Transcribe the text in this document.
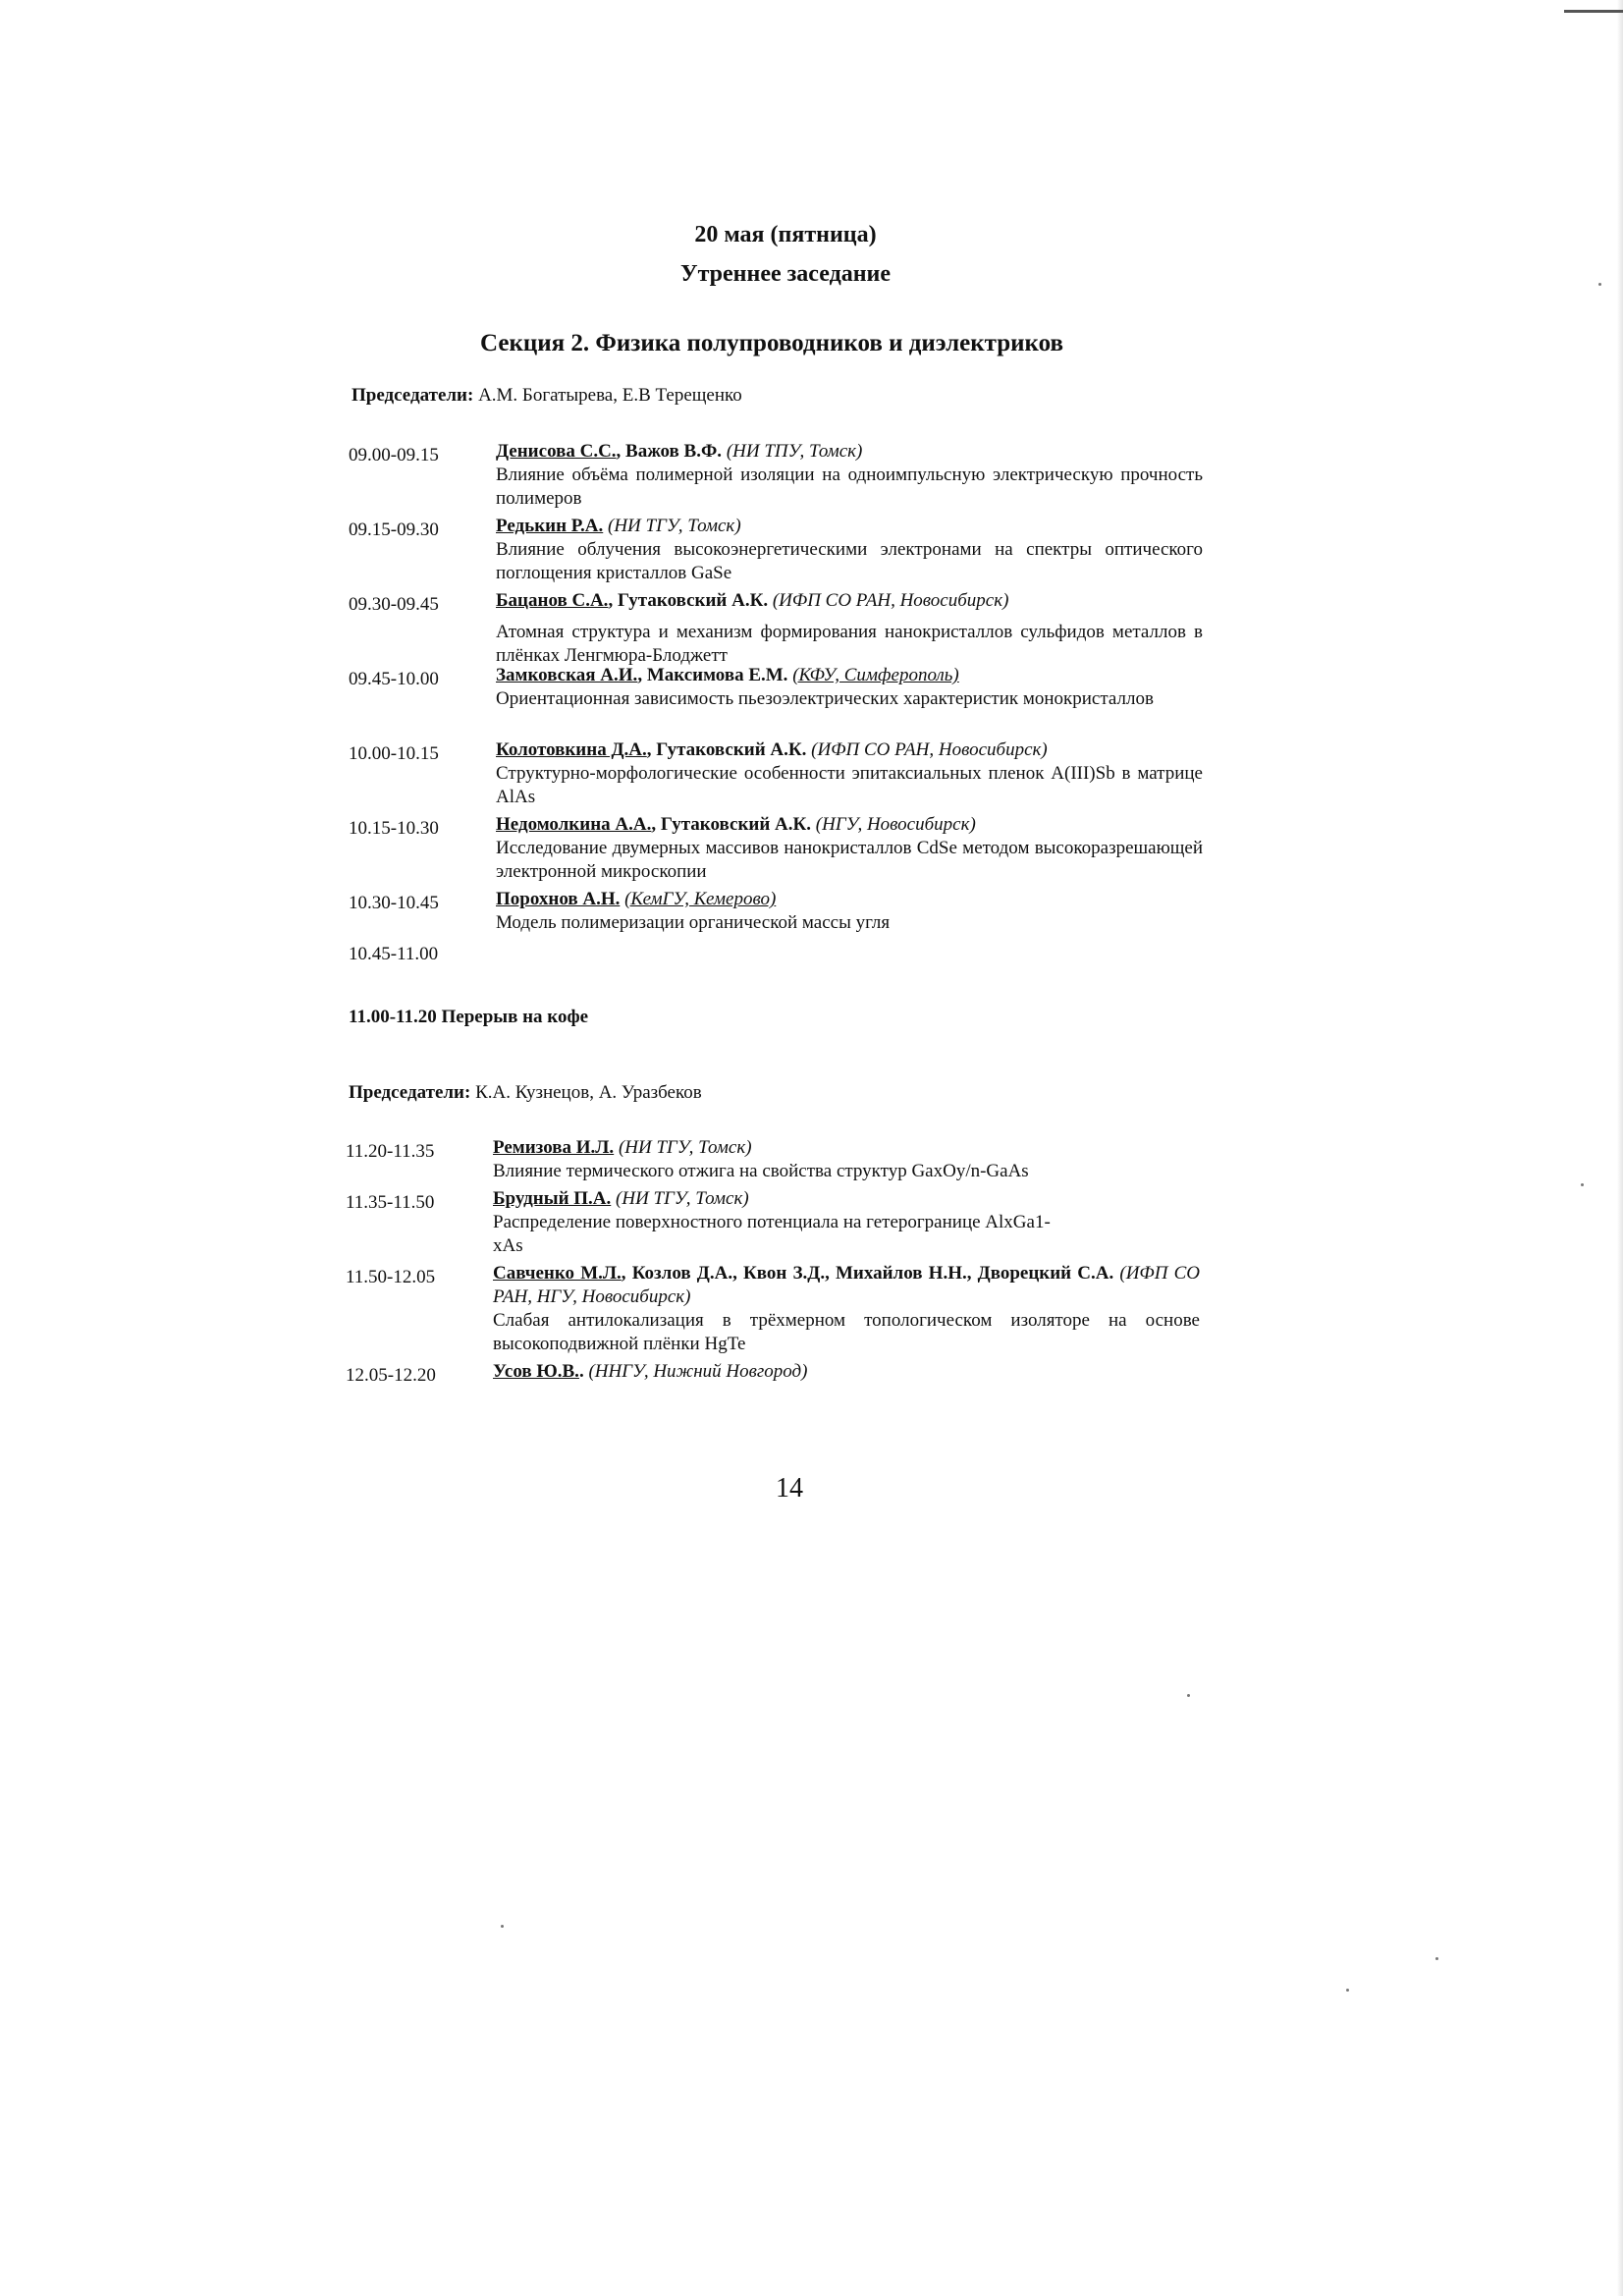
20 мая (пятница)
Утреннее заседание
Секция 2. Физика полупроводников и диэлектриков
Председатели: А.М. Богатырева, Е.В Терещенко
09.00-09.15	Денисова С.С., Важов В.Ф. (НИ ТПУ, Томск)
Влияние объёма полимерной изоляции на одноимпульсную электрическую прочность полимеров
09.15-09.30	Редькин Р.А. (НИ ТГУ, Томск)
Влияние облучения высокоэнергетическими электронами на спектры оптического поглощения кристаллов GaSe
09.30-09.45	Бацанов С.А., Гутаковский А.К. (ИФП СО РАН, Новосибирск)
Атомная структура и механизм формирования нанокристаллов сульфидов металлов в плёнках Ленгмюра-Блоджетт
09.45-10.00	Замковская А.И., Максимова Е.М. (КФУ, Симферополь)
Ориентационная зависимость пьезоэлектрических характеристик монокристаллов
10.00-10.15	Колотовкина Д.А., Гутаковский А.К. (ИФП СО РАН, Новосибирск)
Структурно-морфологические особенности эпитаксиальных пленок A(III)Sb в матрице AlAs
10.15-10.30	Недомолкина А.А., Гутаковский А.К. (НГУ, Новосибирск)
Исследование двумерных массивов нанокристаллов CdSe методом высокоразрешающей электронной микроскопии
10.30-10.45	Порохнов А.Н. (КемГУ, Кемерово)
Модель полимеризации органической массы угля
10.45-11.00
11.00-11.20 Перерыв на кофе
Председатели: К.А. Кузнецов, А. Уразбеков
11.20-11.35	Ремизова И.Л. (НИ ТГУ, Томск)
Влияние термического отжига на свойства структур GaxOy/n-GaAs
11.35-11.50	Брудный П.А. (НИ ТГУ, Томск)
Распределение поверхностного потенциала на гетерогранице AlxGa1-xAs
11.50-12.05	Савченко М.Л., Козлов Д.А., Квон З.Д., Михайлов Н.Н., Дворецкий С.А. (ИФП СО РАН, НГУ, Новосибирск)
Слабая антилокализация в трёхмерном топологическом изоляторе на основе высокоподвижной плёнки HgTe
12.05-12.20	Усов Ю.В.. (ННГУ, Нижний Новгород)
14
